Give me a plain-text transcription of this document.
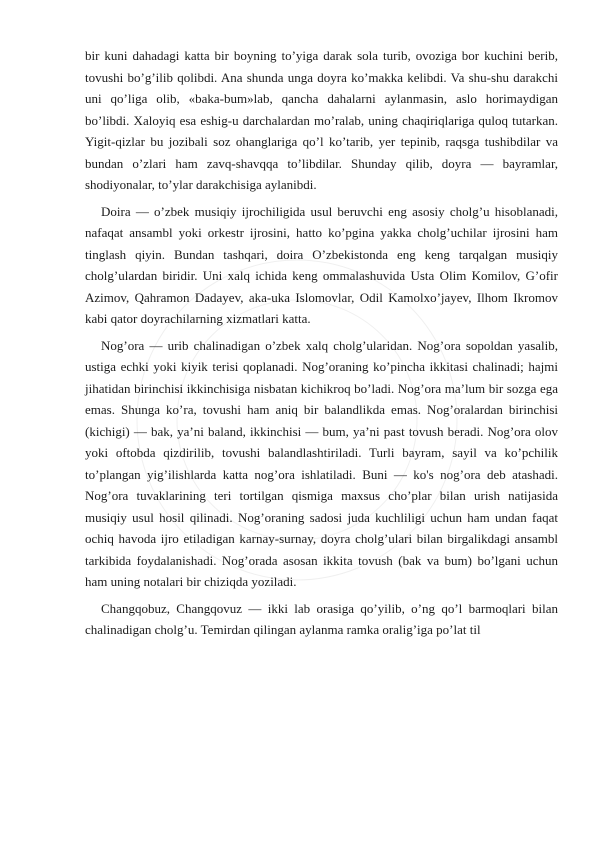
bir kuni dahadagi katta bir boyning to’yiga darak sola turib, ovoziga bor kuchini berib, tovushi bo’g’ilib qolibdi. Ana shunda unga doyra ko’makka kelibdi. Va shu-shu darakchi uni qo’liga olib, «baka-bum»lab, qancha dahalarni aylanmasin, aslo horimaydigan bo’libdi. Xaloyiq esa eshig-u darchalardan mo’ralab, uning chaqiriqlariga quloq tutarkan. Yigit-qizlar bu jozibali soz ohanglariga qo’l ko’tarib, yer tepinib, raqsga tushibdilar va bundan o’zlari ham zavq-shavqqa to’libdilar. Shunday qilib, doyra — bayramlar, shodiyonalar, to’ylar darakchisiga aylanibdi.

Doira — o’zbek musiqiy ijrochiligida usul beruvchi eng asosiy cholg’u hisoblanadi, nafaqat ansambl yoki orkestr ijrosini, hatto ko’pgina yakka cholg’uchilar ijrosini ham tinglash qiyin. Bundan tashqari, doira O’zbekistonda eng keng tarqalgan musiqiy cholg’ulardan biridir. Uni xalq ichida keng ommalashuvida Usta Olim Komilov, G’ofir Azimov, Qahramon Dadayev, aka-uka Islomovlar, Odil Kamolxo’jayev, Ilhom Ikromov kabi qator doyrachilarning xizmatlari katta.

Nog’ora — urib chalinadigan o’zbek xalq cholg’ularidan. Nog’ora sopoldan yasalib, ustiga echki yoki kiyik terisi qoplanadi. Nog’oraning ko’pincha ikkitasi chalinadi; hajmi jihatidan birinchisi ikkinchisiga nisbatan kichikroq bo’ladi. Nog’ora ma’lum bir sozga ega emas. Shunga ko’ra, tovushi ham aniq bir balandlikda emas. Nog’oralardan birinchisi (kichigi) — bak, ya’ni baland, ikkinchisi — bum, ya’ni past tovush beradi. Nog’ora olov yoki oftobda qizdirilib, tovushi balandlashtiriladi. Turli bayram, sayil va ko’pchilik to’plangan yig’ilishlarda katta nog’ora ishlatiladi. Buni — ko's nog’ora deb atashadi. Nog’ora tuvaklarining teri tortilgan qismiga maxsus cho’plar bilan urish natijasida musiqiy usul hosil qilinadi. Nog’oraning sadosi juda kuchliligi uchun ham undan faqat ochiq havoda ijro etiladigan karnay-surnay, doyra cholg’ulari bilan birgalikdagi ansambl tarkibida foydalanishadi. Nog’orada asosan ikkita tovush (bak va bum) bo’lgani uchun ham uning notalari bir chiziqda yoziladi.

Changqobuz, Changqovuz — ikki lab orasiga qo’yilib, o’ng qo’l barmoqlari bilan chalinadigan cholg’u. Temirdan qilingan aylanma ramka oralig’iga po’lat til
